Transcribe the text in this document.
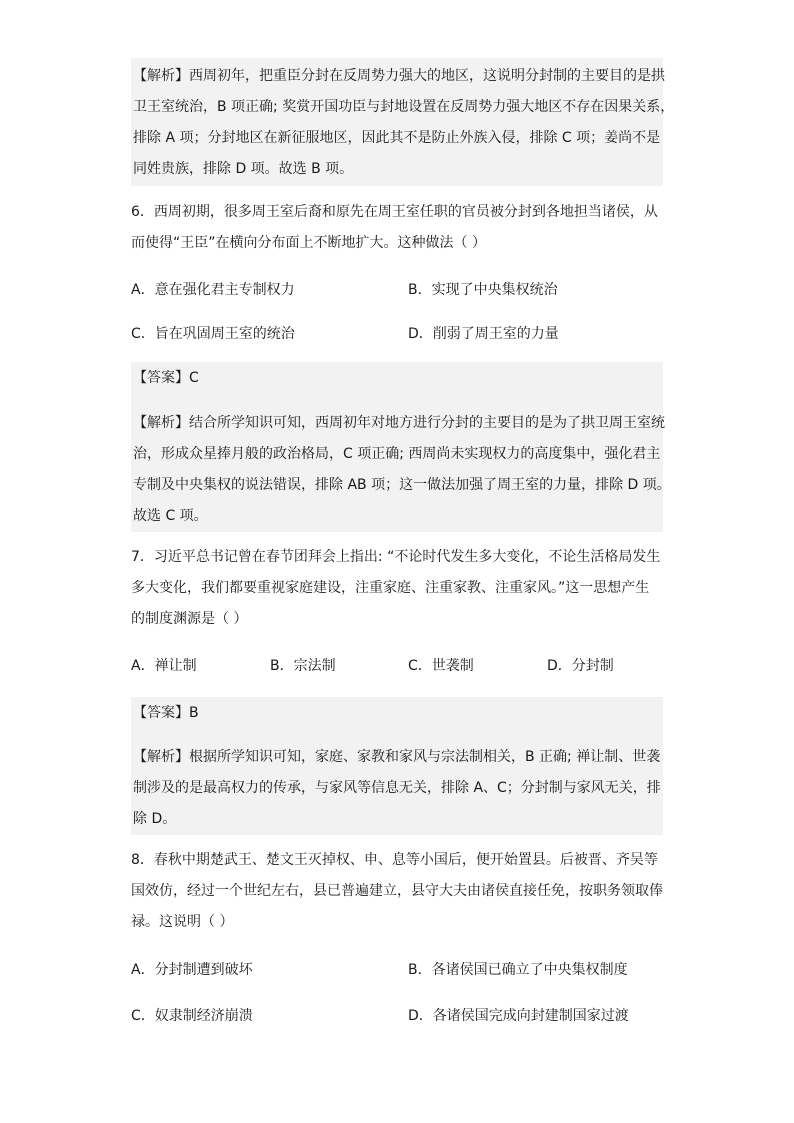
【解析】西周初年，把重臣分封在反周势力强大的地区，这说明分封制的主要目的是拱
卫王室统治，B 项正确; 奖赏开国功臣与封地设置在反周势力强大地区不存在因果关系，
排除 A 项；分封地区在新征服地区，因此其不是防止外族入侵，排除 C 项；姜尚不是
同姓贵族，排除 D 项。故选 B 项。
6．西周初期，很多周王室后裔和原先在周王室任职的官员被分封到各地担当诸侯，从
而使得“王臣”在横向分布面上不断地扩大。这种做法（ ）
A．意在强化君主专制权力	B．实现了中央集权统治
C．旨在巩固周王室的统治	D．削弱了周王室的力量
【答案】C
【解析】结合所学知识可知，西周初年对地方进行分封的主要目的是为了拱卫周王室统
治，形成众星捧月般的政治格局，C 项正确; 西周尚未实现权力的高度集中，强化君主
专制及中央集权的说法错误，排除 AB 项；这一做法加强了周王室的力量，排除 D 项。
故选 C 项。
7．习近平总书记曾在春节团拜会上指出: “不论时代发生多大变化，不论生活格局发生
多大变化，我们都要重视家庭建设，注重家庭、注重家教、注重家风。”这一思想产生
的制度渊源是（ ）
A．禅让制	B．宗法制	C．世袭制	D．分封制
【答案】B
【解析】根据所学知识可知，家庭、家教和家风与宗法制相关，B 正确; 禅让制、世袭
制涉及的是最高权力的传承，与家风等信息无关，排除 A、C；分封制与家风无关，排
除 D。
8．春秋中期楚武王、楚文王灭掉权、申、息等小国后，便开始置县。后被晋、齐吴等
国效仿，经过一个世纪左右，县已普遍建立，县守大夫由诸侯直接任免，按职务领取俸
禄。这说明（ ）
A．分封制遭到破坏	B．各诸侯国已确立了中央集权制度
C．奴隶制经济崩溃	D．各诸侯国完成向封建制国家过渡
